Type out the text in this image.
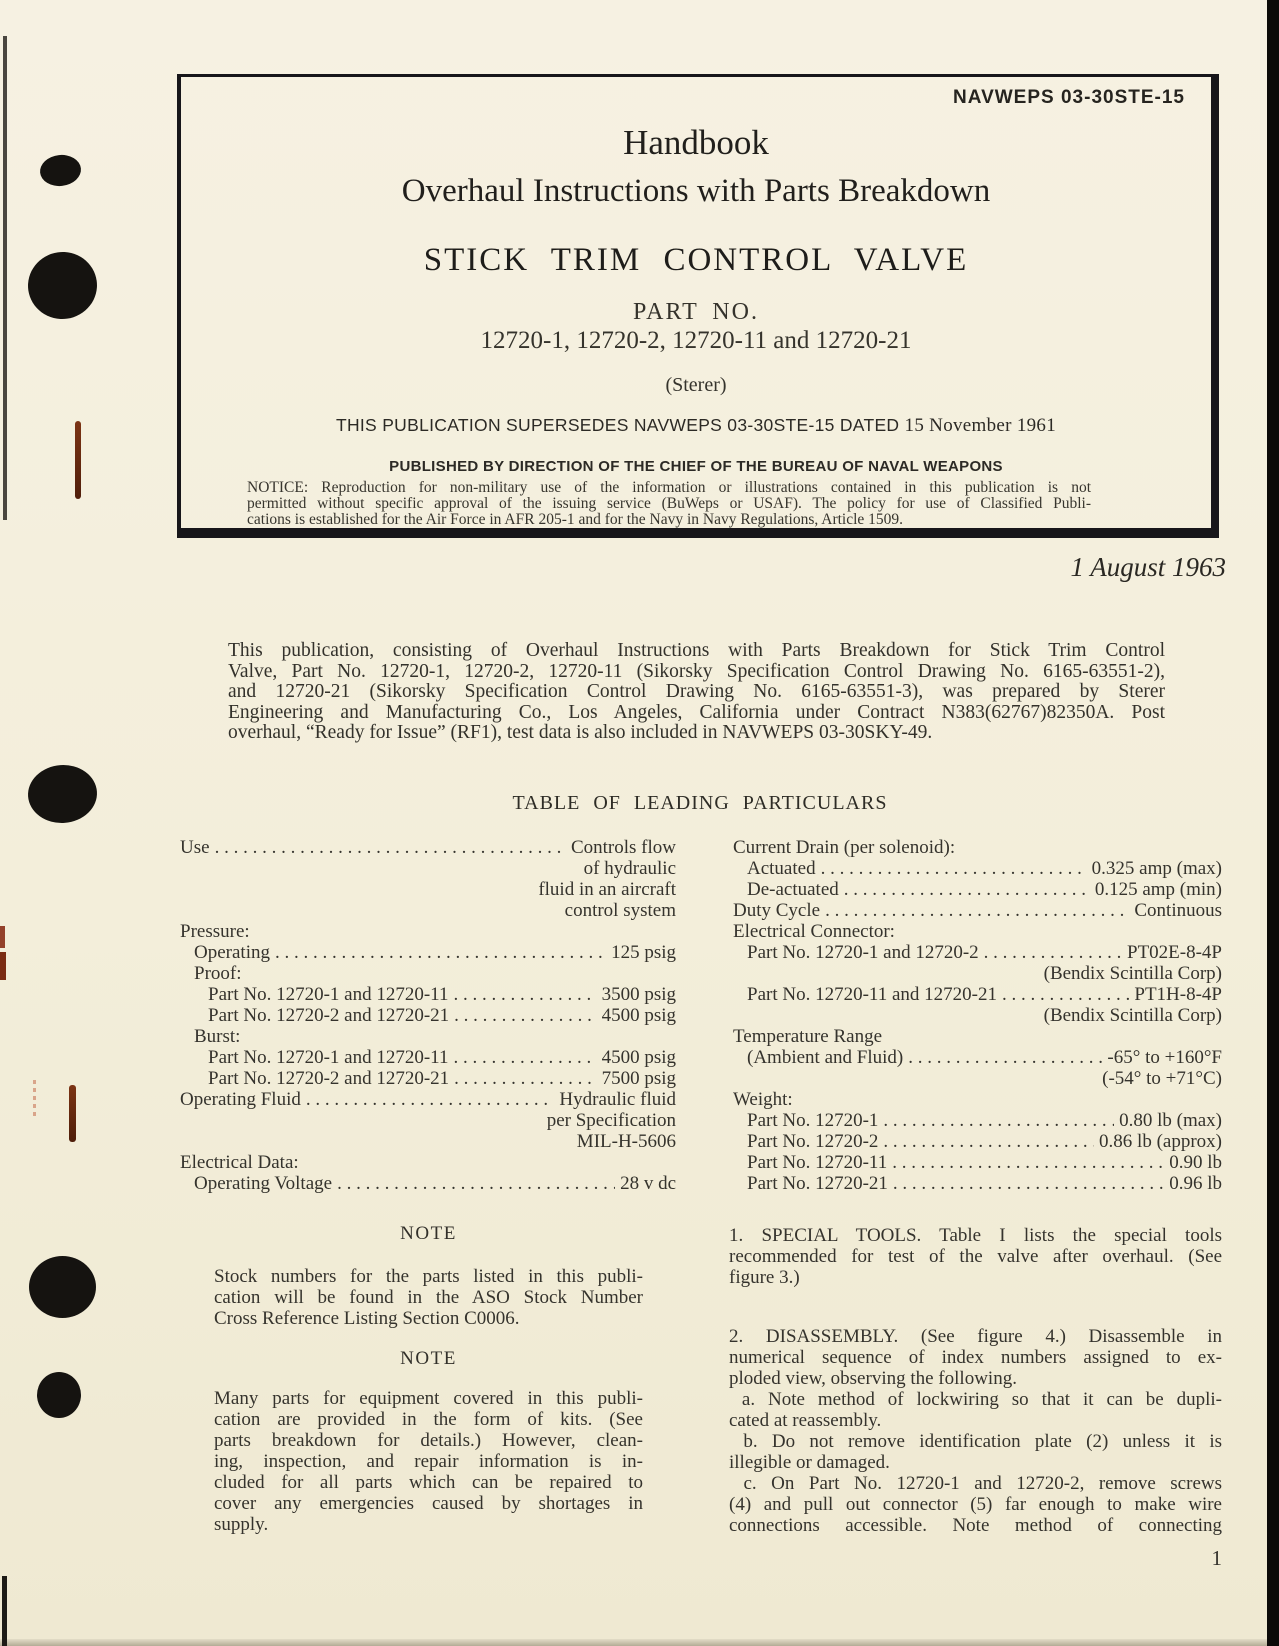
NAVWEPS 03-30STE-15
Handbook
Overhaul Instructions with Parts Breakdown
STICK TRIM CONTROL VALVE
PART NO.
12720-1, 12720-2, 12720-11 and 12720-21
(Sterer)
THIS PUBLICATION SUPERSEDES NAVWEPS 03-30STE-15 DATED 15 November 1961
PUBLISHED BY DIRECTION OF THE CHIEF OF THE BUREAU OF NAVAL WEAPONS
NOTICE: Reproduction for non-military use of the information or illustrations contained in this publication is not
permitted without specific approval of the issuing service (BuWeps or USAF). The policy for use of Classified Publi-
cations is established for the Air Force in AFR 205-1 and for the Navy in Navy Regulations, Article 1509.
1 August 1963
This publication, consisting of Overhaul Instructions with Parts Breakdown for Stick Trim Control
Valve, Part No. 12720-1, 12720-2, 12720-11 (Sikorsky Specification Control Drawing No. 6165-63551-2),
and 12720-21 (Sikorsky Specification Control Drawing No. 6165-63551-3), was prepared by Sterer
Engineering and Manufacturing Co., Los Angeles, California under Contract N383(62767)82350A. Post
overhaul, “Ready for Issue” (RF1), test data is also included in NAVWEPS 03-30SKY-49.
TABLE OF LEADING PARTICULARS
Use . . .	Controls flow
of hydraulic
fluid in an aircraft
control system
Pressure:
Operating . . .	125 psig
Proof:
Part No. 12720-1 and 12720-11 . . .	3500 psig
Part No. 12720-2 and 12720-21 . . .	4500 psig
Burst:
Part No. 12720-1 and 12720-11 . . .	4500 psig
Part No. 12720-2 and 12720-21 . . .	7500 psig
Operating Fluid . . .	Hydraulic fluid
per Specification
MIL-H-5606
Electrical Data:
Operating Voltage . . .	28 v dc
Current Drain (per solenoid):
Actuated . . .	0.325 amp (max)
De-actuated . . .	0.125 amp (min)
Duty Cycle . . .	Continuous
Electrical Connector:
Part No. 12720-1 and 12720-2 . . .	PT02E-8-4P
(Bendix Scintilla Corp)
Part No. 12720-11 and 12720-21 . . .	PT1H-8-4P
(Bendix Scintilla Corp)
Temperature Range
(Ambient and Fluid) . . .	-65° to +160°F
(-54° to +71°C)
Weight:
Part No. 12720-1 . . .	0.80 lb (max)
Part No. 12720-2 . . .	0.86 lb (approx)
Part No. 12720-11 . . .	0.90 lb
Part No. 12720-21 . . .	0.96 lb
NOTE
Stock numbers for the parts listed in this publi-
cation will be found in the ASO Stock Number
Cross Reference Listing Section C0006.
NOTE
Many parts for equipment covered in this publi-
cation are provided in the form of kits. (See
parts breakdown for details.) However, clean-
ing, inspection, and repair information is in-
cluded for all parts which can be repaired to
cover any emergencies caused by shortages in
supply.
1. SPECIAL TOOLS. Table I lists the special tools
recommended for test of the valve after overhaul. (See
figure 3.)
2. DISASSEMBLY. (See figure 4.) Disassemble in
numerical sequence of index numbers assigned to ex-
ploded view, observing the following.
a. Note method of lockwiring so that it can be dupli-
cated at reassembly.
b. Do not remove identification plate (2) unless it is
illegible or damaged.
c. On Part No. 12720-1 and 12720-2, remove screws
(4) and pull out connector (5) far enough to make wire
connections accessible. Note method of connecting
1
